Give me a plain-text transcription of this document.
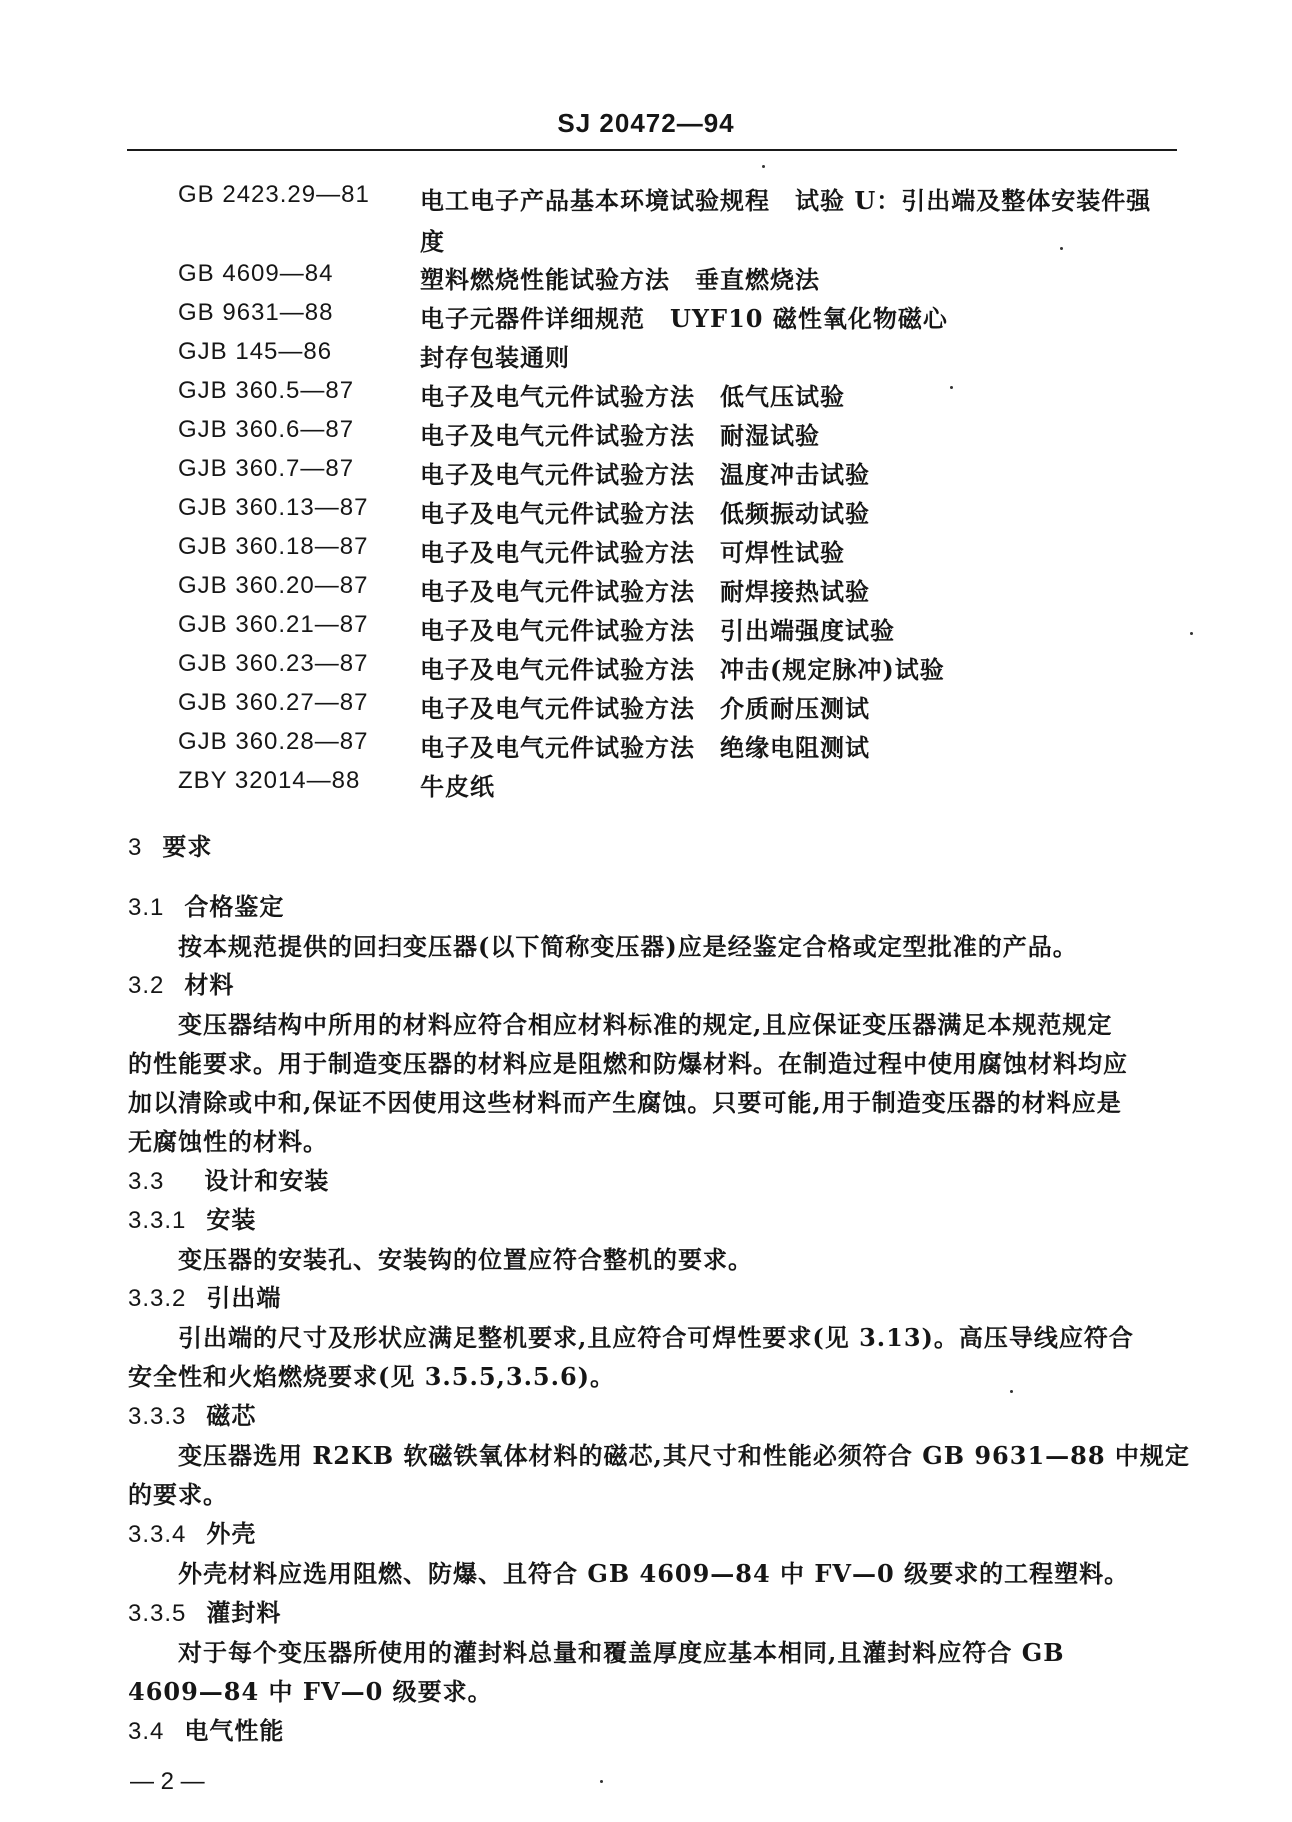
SJ 20472—94
GB 2423.29—81 电工电子产品基本环境试验规程　试验 U：引出端及整体安装件强
度
GB 4609—84	塑料燃烧性能试验方法　垂直燃烧法
GB 9631—88	电子元器件详细规范　UYF10 磁性氧化物磁心
GJB 145—86	封存包装通则
GJB 360.5—87	电子及电气元件试验方法　低气压试验
GJB 360.6—87	电子及电气元件试验方法　耐湿试验
GJB 360.7—87	电子及电气元件试验方法　温度冲击试验
GJB 360.13—87 电子及电气元件试验方法　低频振动试验
GJB 360.18—87 电子及电气元件试验方法　可焊性试验
GJB 360.20—87 电子及电气元件试验方法　耐焊接热试验
GJB 360.21—87 电子及电气元件试验方法　引出端强度试验
GJB 360.23—87 电子及电气元件试验方法　冲击(规定脉冲)试验
GJB 360.27—87 电子及电气元件试验方法　介质耐压测试
GJB 360.28—87 电子及电气元件试验方法　绝缘电阻测试
ZBY 32014—88 牛皮纸
3 要求
3.1 合格鉴定
按本规范提供的回扫变压器(以下简称变压器)应是经鉴定合格或定型批准的产品。
3.2 材料
变压器结构中所用的材料应符合相应材料标准的规定,且应保证变压器满足本规范规定
的性能要求。用于制造变压器的材料应是阻燃和防爆材料。在制造过程中使用腐蚀材料均应
加以清除或中和,保证不因使用这些材料而产生腐蚀。只要可能,用于制造变压器的材料应是
无腐蚀性的材料。
3.3 设计和安装
3.3.1 安装
变压器的安装孔、安装钩的位置应符合整机的要求。
3.3.2 引出端
引出端的尺寸及形状应满足整机要求,且应符合可焊性要求(见 3.13)。高压导线应符合
安全性和火焰燃烧要求(见 3.5.5,3.5.6)。
3.3.3 磁芯
变压器选用 R2KB 软磁铁氧体材料的磁芯,其尺寸和性能必须符合 GB 9631—88 中规定
的要求。
3.3.4 外壳
外壳材料应选用阻燃、防爆、且符合 GB 4609—84 中 FV—0 级要求的工程塑料。
3.3.5 灌封料
对于每个变压器所使用的灌封料总量和覆盖厚度应基本相同,且灌封料应符合 GB
4609—84 中 FV—0 级要求。
3.4 电气性能
— 2 —
